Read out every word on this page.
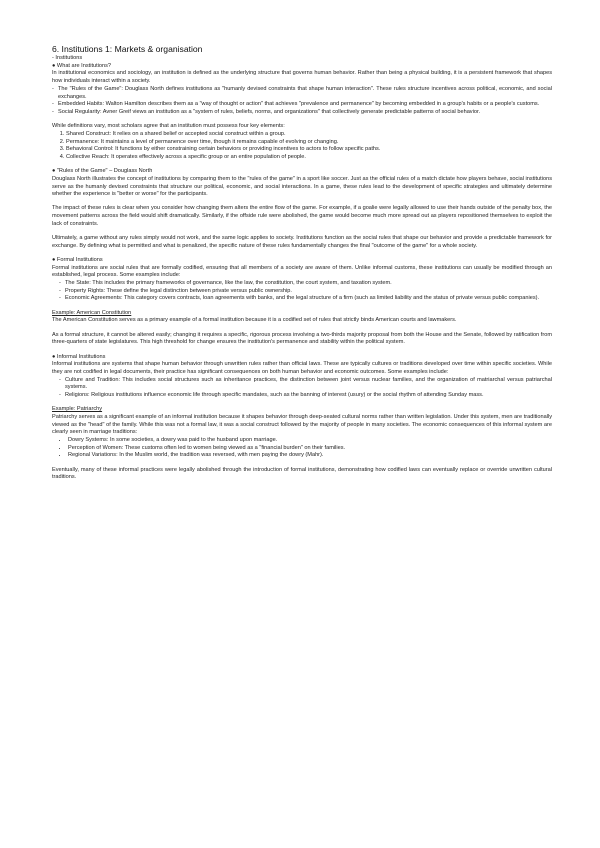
6. Institutions 1: Markets & organisation

- Institutions

● What are Institutions?

In institutional economics and sociology, an institution is defined as the underlying structure that governs human behavior. Rather than being a physical building, it is a persistent framework that shapes how individuals interact within a society.

- The "Rules of the Game": Douglass North defines institutions as "humanly devised constraints that shape human interaction". These rules structure incentives across political, economic, and social exchanges.
- Embedded Habits: Walton Hamilton describes them as a "way of thought or action" that achieves "prevalence and permanence" by becoming embedded in a group's habits or a people's customs.
- Social Regularity: Avner Greif views an institution as a "system of rules, beliefs, norms, and organizations" that collectively generate predictable patterns of social behavior.

While definitions vary, most scholars agree that an institution must possess four key elements:

1. Shared Construct: It relies on a shared belief or accepted social construct within a group.
2. Permanence: It maintains a level of permanence over time, though it remains capable of evolving or changing.
3. Behavioral Control: It functions by either constraining certain behaviors or providing incentives to actors to follow specific paths.
4. Collective Reach: It operates effectively across a specific group or an entire population of people.

● "Rules of the Game" – Douglass North

Douglass North illustrates the concept of institutions by comparing them to the "rules of the game" in a sport like soccer. Just as the official rules of a match dictate how players behave, social institutions serve as the humanly devised constraints that structure our political, economic, and social interactions. In a game, these rules lead to the development of specific strategies and ultimately determine whether the experience is "better or worse" for the participants.

The impact of these rules is clear when you consider how changing them alters the entire flow of the game. For example, if a goalie were legally allowed to use their hands outside of the penalty box, the movement patterns across the field would shift dramatically. Similarly, if the offside rule were abolished, the game would become much more spread out as players repositioned themselves to exploit the lack of constraints.

Ultimately, a game without any rules simply would not work, and the same logic applies to society. Institutions function as the social rules that shape our behavior and provide a predictable framework for exchange. By defining what is permitted and what is penalized, the specific nature of these rules fundamentally changes the final "outcome of the game" for a whole society.

● Formal Institutions

Formal institutions are social rules that are formally codified, ensuring that all members of a society are aware of them. Unlike informal customs, these institutions can usually be modified through an established, legal process. Some examples include:

- The State: This includes the primary frameworks of governance, like the law, the constitution, the court system, and taxation system.
- Property Rights: These define the legal distinction between private versus public ownership.
- Economic Agreements: This category covers contracts, loan agreements with banks, and the legal structure of a firm (such as limited liability and the status of private versus public companies).

Example: American Constitution

The American Constitution serves as a primary example of a formal institution because it is a codified set of rules that strictly binds American courts and lawmakers.

As a formal structure, it cannot be altered easily; changing it requires a specific, rigorous process involving a two-thirds majority proposal from both the House and the Senate, followed by ratification from three-quarters of state legislatures. This high threshold for change ensures the institution's permanence and stability within the political system.

● Informal Institutions

Informal institutions are systems that shape human behavior through unwritten rules rather than official laws. These are typically cultures or traditions developed over time within specific societies. While they are not codified in legal documents, their practice has significant consequences on both human behavior and economic outcomes. Some examples include:

- Culture and Tradition: This includes social structures such as inheritance practices, the distinction between joint versus nuclear families, and the organization of matriarchal versus patriarchal systems.
- Religions: Religious institutions influence economic life through specific mandates, such as the banning of interest (usury) or the social rhythm of attending Sunday mass.

Example: Patriarchy

Patriarchy serves as a significant example of an informal institution because it shapes behavior through deep-seated cultural norms rather than written legislation. Under this system, men are traditionally viewed as the "head" of the family. While this was not a formal law, it was a social construct followed by the majority of people in many societies. The economic consequences of this informal system are clearly seen in marriage traditions:

• Dowry Systems: In some societies, a dowry was paid to the husband upon marriage.
• Perception of Women: These customs often led to women being viewed as a "financial burden" on their families.
• Regional Variations: In the Muslim world, the tradition was reversed, with men paying the dowry (Mahr).

Eventually, many of these informal practices were legally abolished through the introduction of formal institutions, demonstrating how codified laws can eventually replace or override unwritten cultural traditions.
